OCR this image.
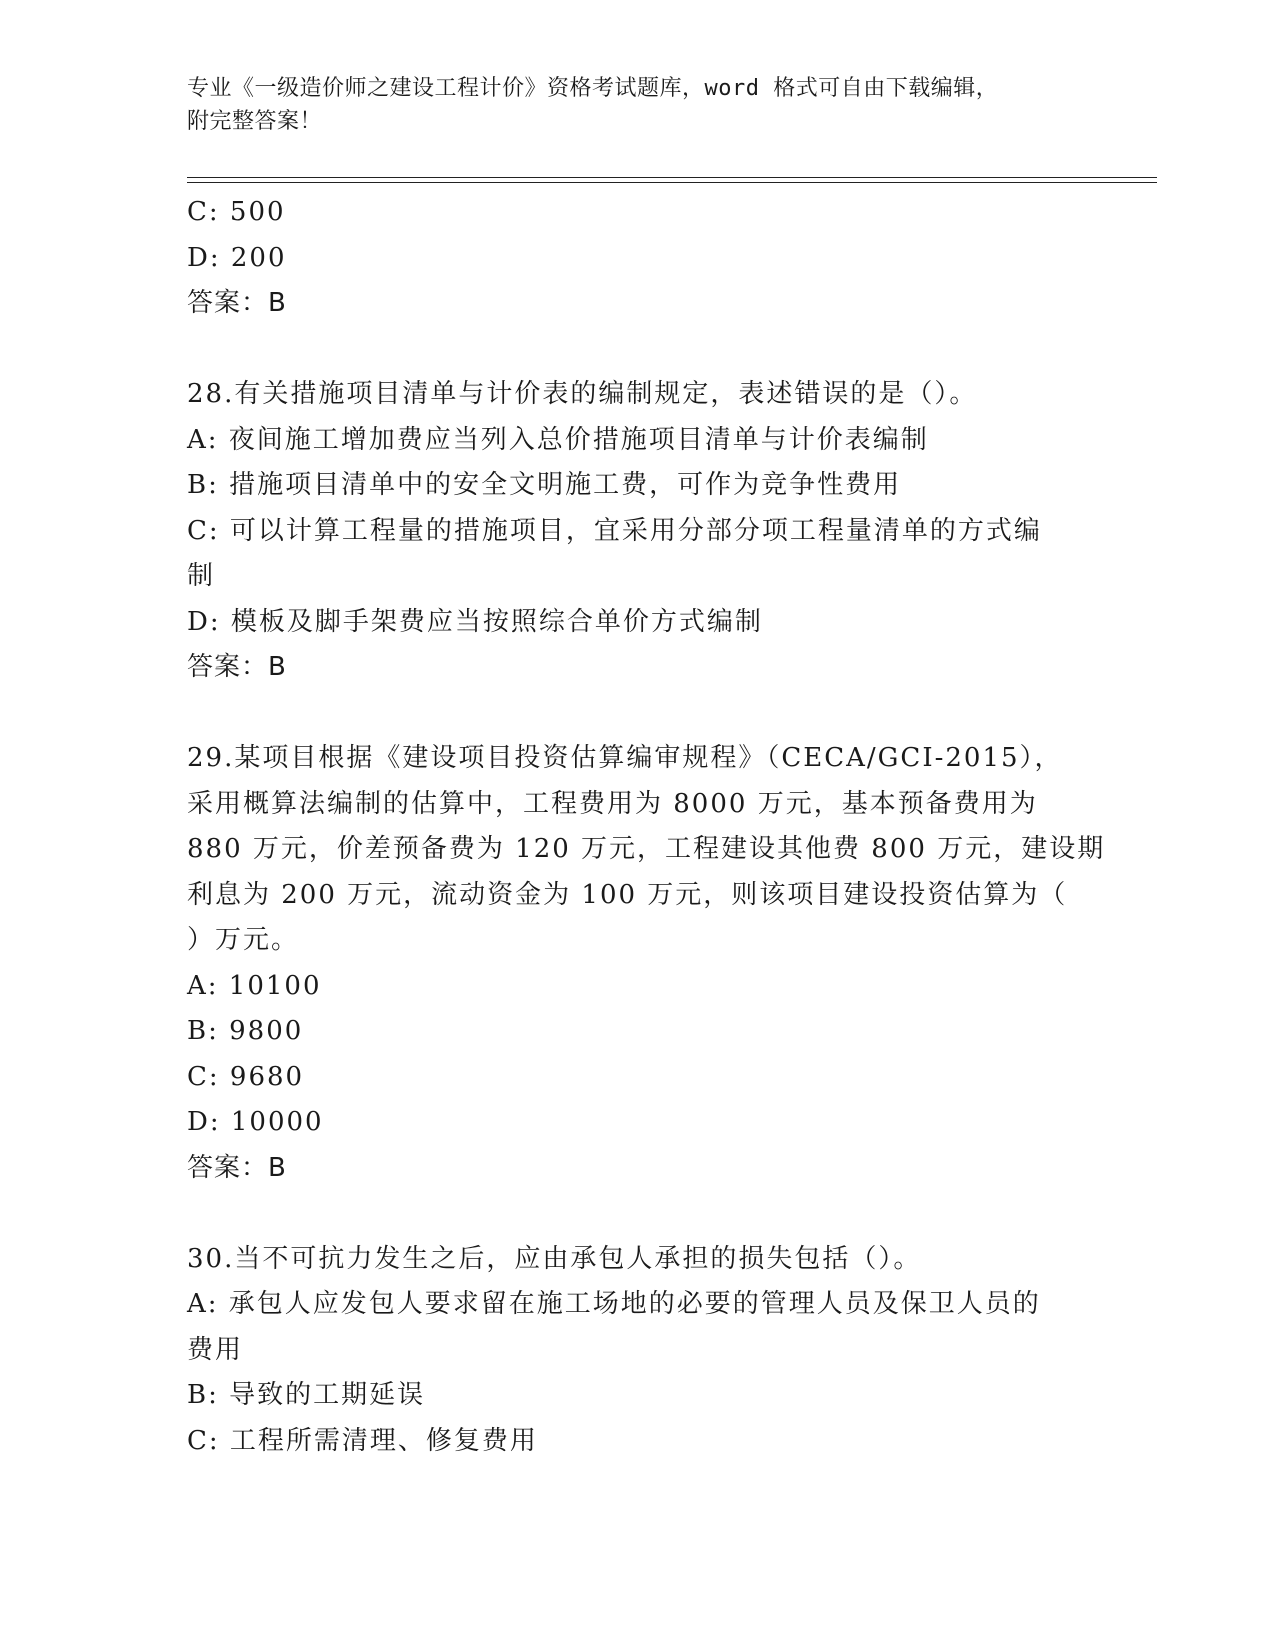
专业《一级造价师之建设工程计价》资格考试题库，word 格式可自由下载编辑，

附完整答案！

C: 500

D: 200

答案：B

28.有关措施项目清单与计价表的编制规定，表述错误的是（）。

A: 夜间施工增加费应当列入总价措施项目清单与计价表编制

B: 措施项目清单中的安全文明施工费，可作为竞争性费用

C: 可以计算工程量的措施项目，宜采用分部分项工程量清单的方式编

制

D: 模板及脚手架费应当按照综合单价方式编制

答案：B

29.某项目根据《建设项目投资估算编审规程》（CECA/GCI-2015），

采用概算法编制的估算中，工程费用为 8000 万元，基本预备费用为

880 万元，价差预备费为 120 万元，工程建设其他费 800 万元，建设期

利息为 200 万元，流动资金为 100 万元，则该项目建设投资估算为（

）万元。

A: 10100

B: 9800

C: 9680

D: 10000

答案：B

30.当不可抗力发生之后，应由承包人承担的损失包括（）。

A: 承包人应发包人要求留在施工场地的必要的管理人员及保卫人员的

费用

B: 导致的工期延误

C: 工程所需清理、修复费用
